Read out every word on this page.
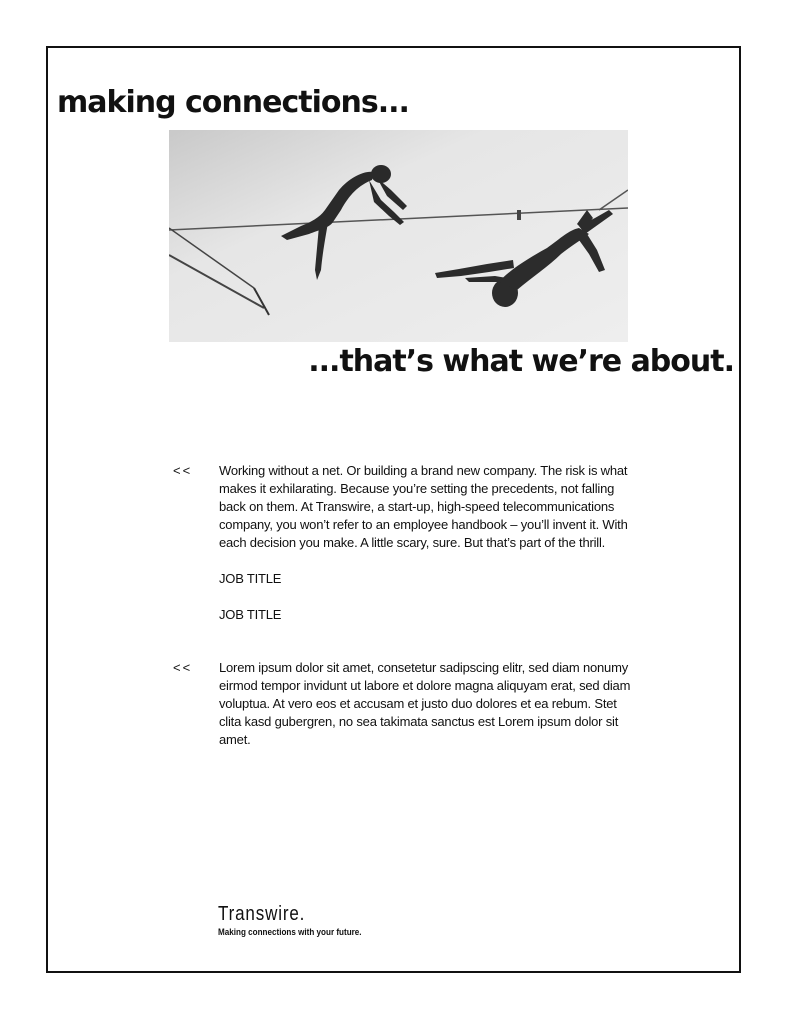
making connections...
...that’s what we’re about.
<< Working without a net. Or building a brand new company. The risk is what makes it exhilarating. Because you’re setting the precedents, not falling back on them. At Transwire, a start-up, high-speed telecommunications company, you won’t refer to an employee handbook – you’ll invent it. With each decision you make. A little scary, sure. But that’s part of the thrill.

JOB TITLE

JOB TITLE

<< Lorem ipsum dolor sit amet, consetetur sadipscing elitr, sed diam nonumy eirmod tempor invidunt ut labore et dolore magna aliquyam erat, sed diam voluptua. At vero eos et accusam et justo duo dolores et ea rebum. Stet clita kasd gubergren, no sea takimata sanctus est Lorem ipsum dolor sit amet.

Transwire.
Making connections with your future.
